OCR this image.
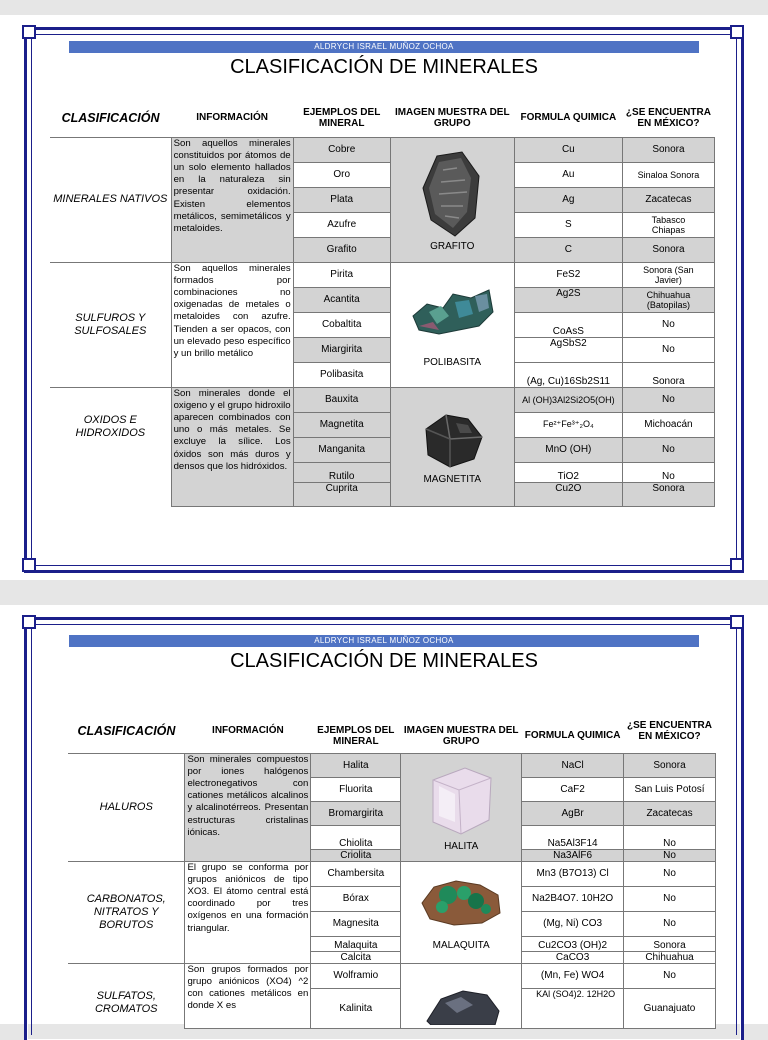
ALDRYCH ISRAEL MUÑOZ OCHOA
CLASIFICACIÓN DE MINERALES
CLASIFICACIÓN	INFORMACIÓN	EJEMPLOS DEL MINERAL	IMAGEN MUESTRA DEL GRUPO	FORMULA QUIMICA	¿SE ENCUENTRA EN MÉXICO?
MINERALES NATIVOS	Son aquellos minerales constituidos por átomos de un solo elemento hallados en la naturaleza sin presentar oxidación. Existen elementos metálicos, semimetálicos y metaloides.	Cobre	GRAFITO	Cu	Sonora
		Oro		Au	Sinaloa Sonora
		Plata		Ag	Zacatecas
		Azufre		S	Tabasco Chiapas
		Grafito		C	Sonora
SULFUROS Y SULFOSALES	Son aquellos minerales formados por combinaciones no oxigenadas de metales o metaloides con azufre. Tienden a ser opacos, con un elevado peso específico y un brillo metálico	Pirita	POLIBASITA	FeS2	Sonora (San Javier)
		Acantita		Ag2S	Chihuahua (Batopilas)
		Cobaltita		CoAsS	No
		Miargirita		AgSbS2	No
		Polibasita		(Ag, Cu)16Sb2S11	Sonora
OXIDOS E HIDROXIDOS	Son minerales donde el oxigeno y el grupo hidroxilo aparecen combinados con uno o más metales. Se excluye la sílice. Los óxidos son más duros y densos que los hidróxidos.	Bauxita	MAGNETITA	Al (OH)3Al2Si2O5(OH)	No
		Magnetita		Fe²⁺Fe³⁺₂O₄	Michoacán
		Manganita		MnO (OH)	No
		Rutilo		TiO2	No
		Cuprita		Cu2O	Sonora
ALDRYCH ISRAEL MUÑOZ OCHOA
CLASIFICACIÓN DE MINERALES
CLASIFICACIÓN	INFORMACIÓN	EJEMPLOS DEL MINERAL	IMAGEN MUESTRA DEL GRUPO	FORMULA QUIMICA	¿SE ENCUENTRA EN MÉXICO?
HALUROS	Son minerales compuestos por iones halógenos electronegativos con cationes metálicos alcalinos y alcalinotérreos. Presentan estructuras cristalinas iónicas.	Halita	HALITA	NaCl	Sonora
		Fluorita		CaF2	San Luis Potosí
		Bromargirita		AgBr	Zacatecas
		Chiolita		Na5Al3F14	No
		Criolita		Na3AlF6	No
CARBONATOS, NITRATOS Y BORUTOS	El grupo se conforma por grupos aniónicos de tipo XO3. El átomo central está coordinado por tres oxígenos en una formación triangular.	Chambersita	MALAQUITA	Mn3 (B7O13) Cl	No
		Bórax		Na2B4O7. 10H2O	No
		Magnesita		(Mg, Ni) CO3	No
		Malaquita		Cu2CO3 (OH)2	Sonora
		Calcita		CaCO3	Chihuahua
SULFATOS, CROMATOS	Son grupos formados por grupo aniónicos (XO4) ^2 con cationes metálicos en donde X es	Wolframio		(Mn, Fe) WO4	No
		Kalinita		KAl (SO4)2. 12H2O	Guanajuato
